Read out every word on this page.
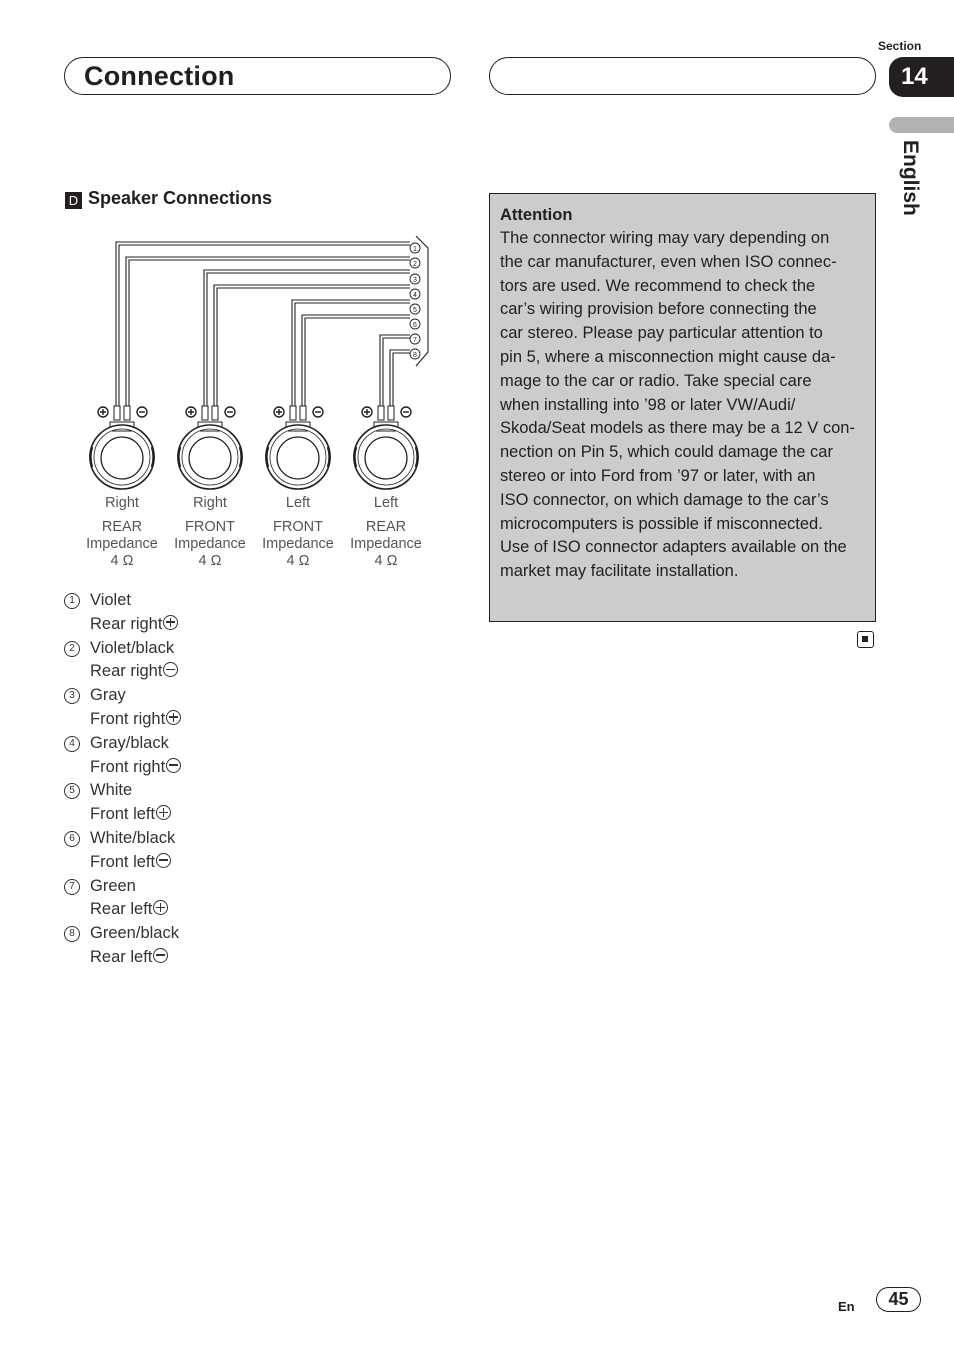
Connection
Section
14
English
D Speaker Connections
1
2
3
4
5
6
7
8
Right
REAR
Impedance
4 Ω
Right
FRONT
Impedance
4 Ω
Left
FRONT
Impedance
4 Ω
Left
REAR
Impedance
4 Ω
1 Violet
Rear right
2 Violet/black
Rear right
3 Gray
Front right
4 Gray/black
Front right
5 White
Front left
6 White/black
Front left
7 Green
Rear left
8 Green/black
Rear left
Attention
The connector wiring may vary depending on
the car manufacturer, even when ISO connec-
tors are used. We recommend to check the
car’s wiring provision before connecting the
car stereo. Please pay particular attention to
pin 5, where a misconnection might cause da-
mage to the car or radio. Take special care
when installing into ’98 or later VW/Audi/
Skoda/Seat models as there may be a 12 V con-
nection on Pin 5, which could damage the car
stereo or into Ford from ’97 or later, with an
ISO connector, on which damage to the car’s
microcomputers is possible if misconnected.
Use of ISO connector adapters available on the
market may facilitate installation.
En	45
